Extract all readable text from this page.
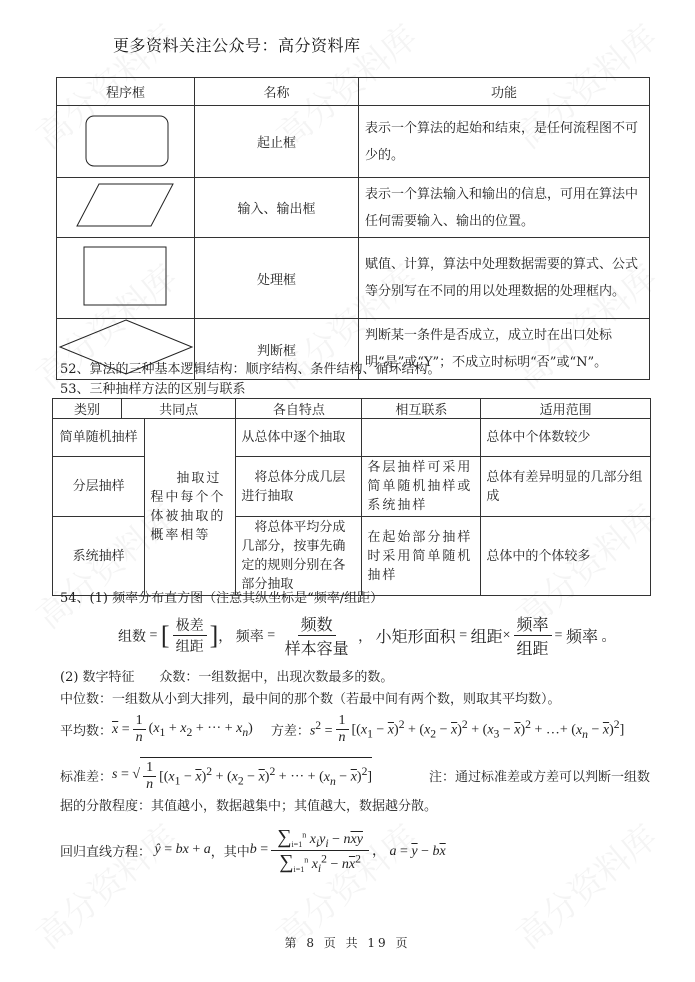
更多资料关注公众号：高分资料库
程序框	名称	功能
	起止框	表示一个算法的起始和结束，是任何流程图不可少的。
	输入、输出框	表示一个算法输入和输出的信息，可用在算法中任何需要输入、输出的位置。
	处理框	赋值、计算，算法中处理数据需要的算式、公式等分别写在不同的用以处理数据的处理框内。
	判断框	判断某一条件是否成立，成立时在出口处标明“是”或“Y”；不成立时标明“否”或“N”。
52、算法的三种基本逻辑结构：顺序结构、条件结构、循环结构。
53、三种抽样方法的区别与联系
类别	共同点		各自特点	相互联系	适用范围
简单随机抽样		抽取过程中每个个体被抽取的概率相等	从总体中逐个抽取		总体中个体数较少
分层抽样			将总体分成几层进行抽取	各层抽样可采用简单随机抽样或系统抽样	总体有差异明显的几部分组成
系统抽样			将总体平均分成几部分，按事先确定的规则分别在各部分抽取	在起始部分抽样时采用简单随机抽样	总体中的个体较多
54、(1) 频率分布直方图（注意其纵坐标是“频率/组距）
组数 = [ $\frac{\text{极差}}{\text{组距}}$ ] ， 频率 = $\frac{\text{频数}}{\text{样本容量}}$ ， 小矩形面积 = 组距 × $\frac{\text{频率}}{\text{组距}}$ = 频率 。
(2) 数字特征 众数：一组数据中，出现次数最多的数。
中位数：一组数从小到大排列，最中间的那个数（若最中间有两个数，则取其平均数）。
平均数： $\overline{x} = \frac{1}{n} (x_1 + x_2$ + ··· + $x_n$) 方差： $s^2 = \frac{1}{n} [(x_1 - \overline{x})^2 + (x_2 - \overline{x})^2 + (x_3 - \overline{x})^2$ + …+ $(x_n - \overline{x})^2$]
标准差： s = √ $\frac{1}{n} [(x_1 - \overline{x})^2 + (x_2 - \overline{x})^2$ + ··· + $(x_n - \overline{x})^2$]	注：通过标准差或方差可以判断一组数
据的分散程度：其值越小，数据越集中；其值越大，数据越分散。
回归直线方程： ŷ = bx + a ，其中 $b = \frac{\sum_{i=1}^n x_iy_i - n\overline{xy}}{\sum_{i=1}^n x_i^2 - n\overline{x}^2}$ ， $a = \overline{y} - b\overline{x}$
第 8 页 共 19 页
